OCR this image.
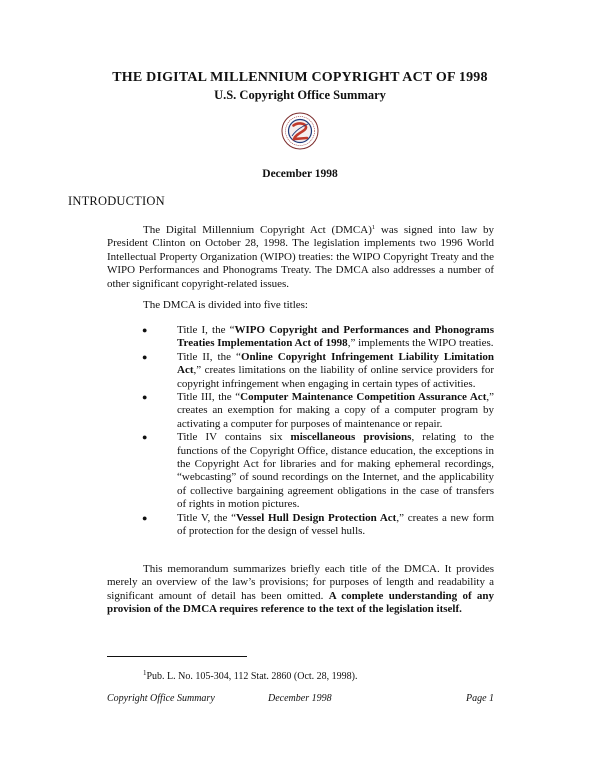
THE DIGITAL MILLENNIUM COPYRIGHT ACT OF 1998
U.S. Copyright Office Summary
December 1998
INTRODUCTION

The Digital Millennium Copyright Act (DMCA)$^1$ was signed into law by President Clinton on October 28, 1998. The legislation implements two 1996 World Intellectual Property Organization (WIPO) treaties: the WIPO Copyright Treaty and the WIPO Performances and Phonograms Treaty. The DMCA also addresses a number of other significant copyright-related issues.

The DMCA is divided into five titles:
●	Title I, the “WIPO Copyright and Performances and Phonograms Treaties Implementation Act of 1998,” implements the WIPO treaties.
●	Title II, the “Online Copyright Infringement Liability Limitation Act,” creates limitations on the liability of online service providers for copyright infringement when engaging in certain types of activities.
●	Title III, the “Computer Maintenance Competition Assurance Act,” creates an exemption for making a copy of a computer program by activating a computer for purposes of maintenance or repair.
●	Title IV contains six miscellaneous provisions, relating to the functions of the Copyright Office, distance education, the exceptions in the Copyright Act for libraries and for making ephemeral recordings, “webcasting” of sound recordings on the Internet, and the applicability of collective bargaining agreement obligations in the case of transfers of rights in motion pictures.
●	Title V, the “Vessel Hull Design Protection Act,” creates a new form of protection for the design of vessel hulls.

This memorandum summarizes briefly each title of the DMCA. It provides merely an overview of the law’s provisions; for purposes of length and readability a significant amount of detail has been omitted. A complete understanding of any provision of the DMCA requires reference to the text of the legislation itself.

$^1$Pub. L. No. 105-304, 112 Stat. 2860 (Oct. 28, 1998).
Copyright Office Summary	December 1998	Page 1
